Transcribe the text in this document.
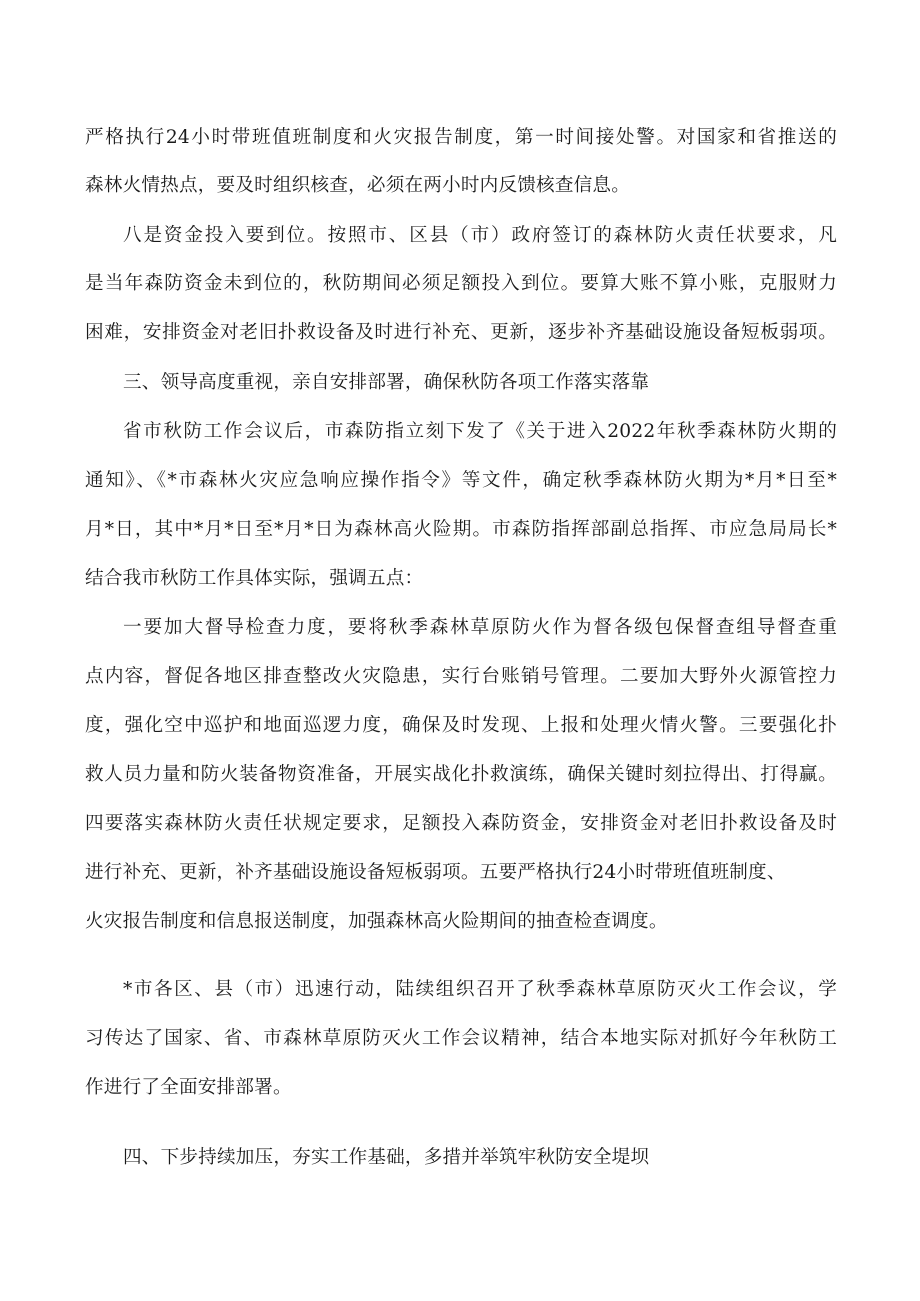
严格执行24小时带班值班制度和火灾报告制度，第一时间接处警。对国家和省推送的
森林火情热点，要及时组织核查，必须在两小时内反馈核查信息。
八是资金投入要到位。按照市、区县（市）政府签订的森林防火责任状要求，凡
是当年森防资金未到位的，秋防期间必须足额投入到位。要算大账不算小账，克服财力
困难，安排资金对老旧扑救设备及时进行补充、更新，逐步补齐基础设施设备短板弱项。
三、领导高度重视，亲自安排部署，确保秋防各项工作落实落靠
省市秋防工作会议后，市森防指立刻下发了《关于进入2022年秋季森林防火期的
通知》、《*市森林火灾应急响应操作指令》等文件，确定秋季森林防火期为*月*日至*
月*日，其中*月*日至*月*日为森林高火险期。市森防指挥部副总指挥、市应急局局长*
结合我市秋防工作具体实际，强调五点：
一要加大督导检查力度，要将秋季森林草原防火作为督各级包保督查组导督查重
点内容，督促各地区排查整改火灾隐患，实行台账销号管理。二要加大野外火源管控力
度，强化空中巡护和地面巡逻力度，确保及时发现、上报和处理火情火警。三要强化扑
救人员力量和防火装备物资准备，开展实战化扑救演练，确保关键时刻拉得出、打得赢。
四要落实森林防火责任状规定要求，足额投入森防资金，安排资金对老旧扑救设备及时
进行补充、更新，补齐基础设施设备短板弱项。五要严格执行24小时带班值班制度、
火灾报告制度和信息报送制度，加强森林高火险期间的抽查检查调度。
*市各区、县（市）迅速行动，陆续组织召开了秋季森林草原防灭火工作会议，学
习传达了国家、省、市森林草原防灭火工作会议精神，结合本地实际对抓好今年秋防工
作进行了全面安排部署。
四、下步持续加压，夯实工作基础，多措并举筑牢秋防安全堤坝
